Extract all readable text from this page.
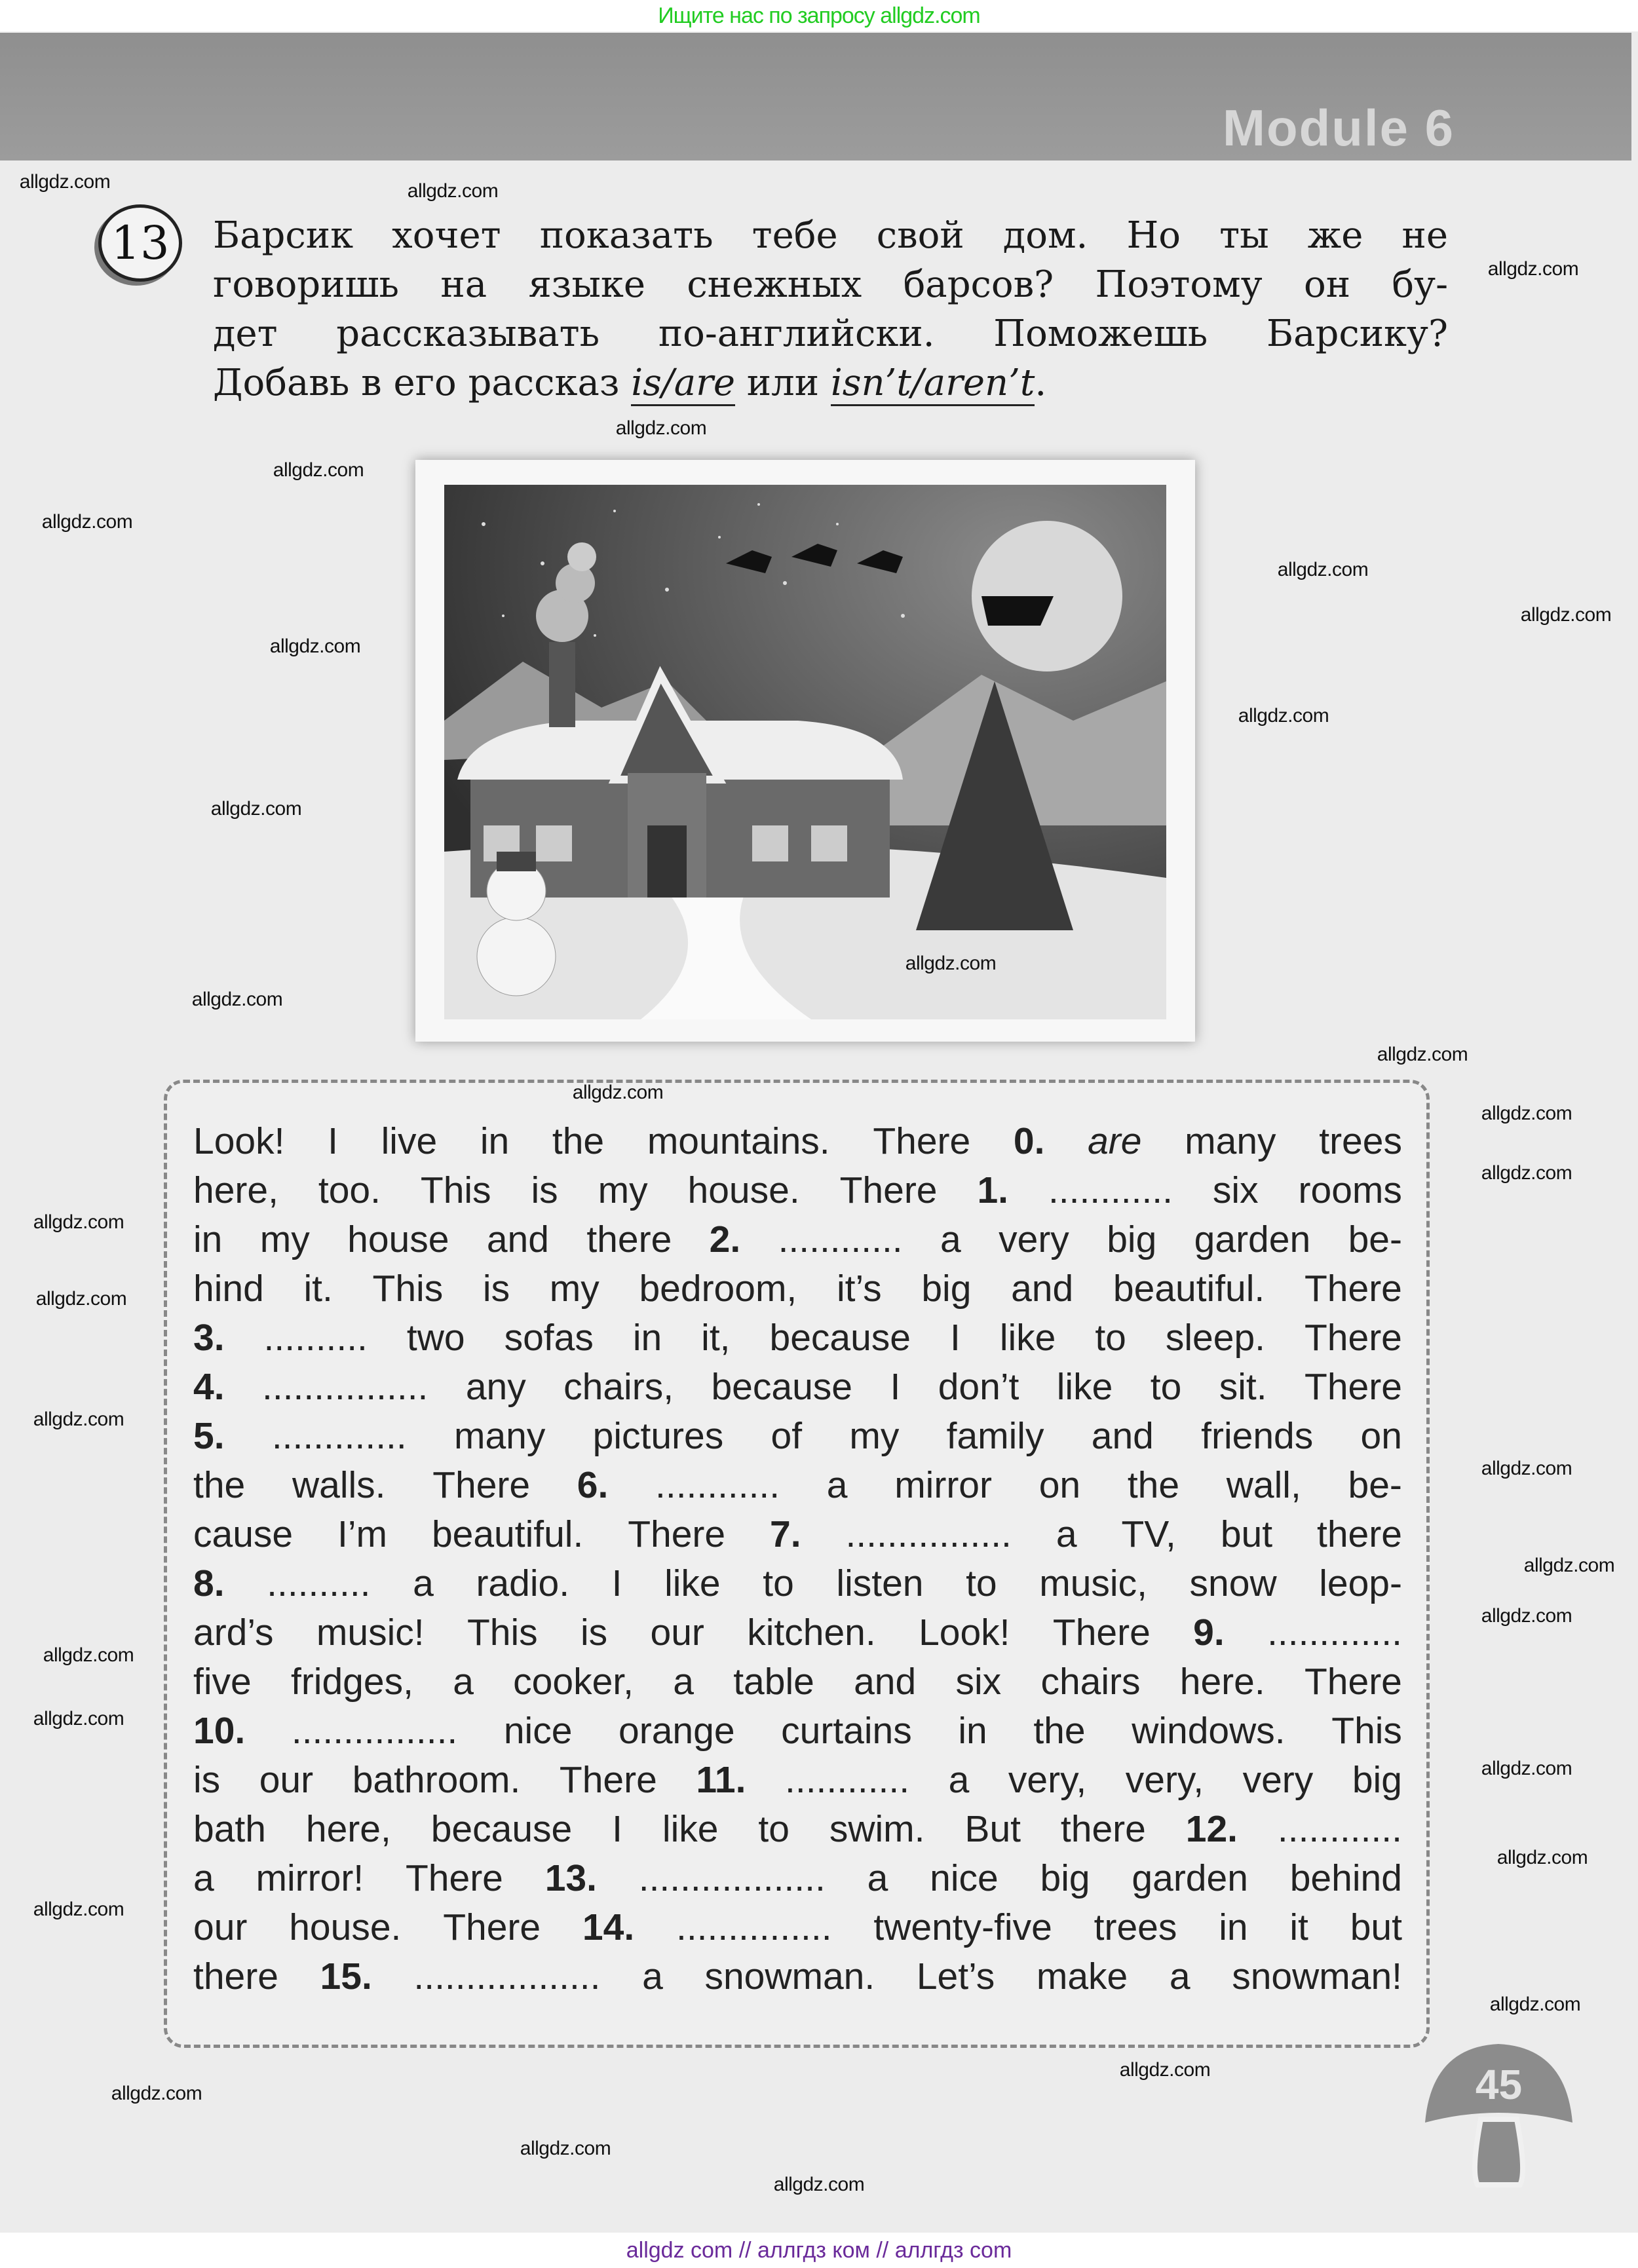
Ищите нас по запросу allgdz.com
Module 6
13	Барсик хочет показать тебе свой дом. Но ты же не
говоришь на языке снежных барсов? Поэтому он бу-
дет рассказывать по-английски. Поможешь Барсику?
Добавь в его рассказ is/are или isn’t/aren’t.
Look! I live in the mountains. There 0. are many trees
here, too. This is my house. There 1. ............ six rooms
in my house and there 2. ............ a very big garden be-
hind it. This is my bedroom, it’s big and beautiful. There
3. .......... two sofas in it, because I like to sleep. There
4. ................ any chairs, because I don’t like to sit. There
5. ............. many pictures of my family and friends on
the walls. There 6. ............ a mirror on the wall, be-
cause I’m beautiful. There 7. ................ a TV, but there
8. .......... a radio. I like to listen to music, snow leop-
ard’s music! This is our kitchen. Look! There 9. .............
five fridges, a cooker, a table and six chairs here. There
10. ................ nice orange curtains in the windows. This
is our bathroom. There 11. ............ a very, very, very big
bath here, because I like to swim. But there 12. ............
a mirror! There 13. .................. a nice big garden behind
our house. There 14. ............... twenty-five trees in it but
there 15. .................. a snowman. Let’s make a snowman!
45
allgdz.com	allgdz.com
allgdz.com
allgdz.com
allgdz.com
allgdz.com
allgdz.com
allgdz.com
allgdz.com
allgdz.com
allgdz.com
allgdz.com
allgdz.com
allgdz.com
allgdz.com
allgdz.com
allgdz.com
allgdz.com
allgdz.com
allgdz.com
allgdz.com
allgdz.com
allgdz.com
allgdz.com
allgdz.com
allgdz.com
allgdz.com
allgdz.com
allgdz.com
allgdz.com
allgdz.com
allgdz.com
allgdz.com
allgdz com // аллгдз ком // аллгдз com
